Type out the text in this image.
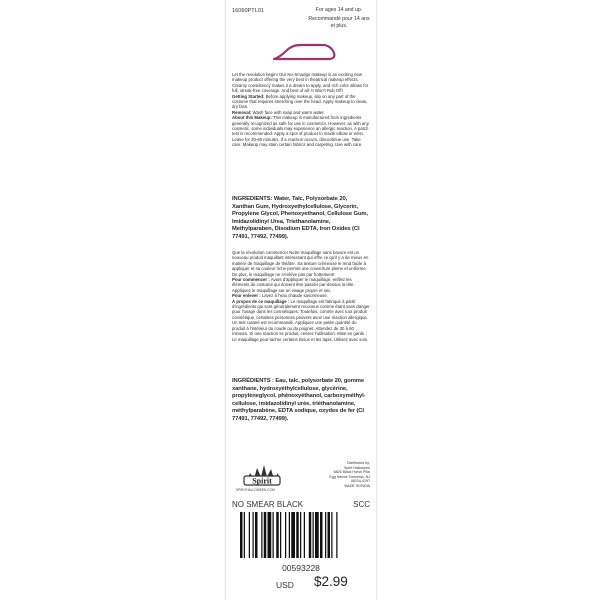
16060PTL01	For ages 14 and up.
Recommandé pour 14 ans et plus.
Let the revolution begin! Our No-Smudge makeup is an exciting new makeup product offering the very best in theatrical makeup effects. Creamy consistency makes it a dream to apply, and rich color allows for full, streak-free coverage. And best of all- It Won't Rub Off!
Getting Started: Before applying makeup, slip on any part of the costume that requires stretching over the head. Apply makeup to clean, dry face.
Removal: Wash face with soap and warm water.
About this Makeup: This makeup is manufactured from ingredients generally recognized as safe for use in cosmetics. However, as with any cosmetic, some individuals may experience an allergic reaction. A patch test is recommended. Apply a spot of product to inside elbow or wrist. Leave for 30-60 minutes. If a reaction occurs, discontinue use. Take care: Makeup may stain certain fabrics and carpeting. Use with care.
INGREDIENTS: Water, Talc, Polysorbate 20, Xanthan Gum, Hydroxyethylcellulose, Glycerin, Propylene Glycol, Phenoxyethanol, Cellulose Gum, Imidazolidinyl Urea, Triethanolamine, Methylparaben, Disodium EDTA, Iron Oxides (CI 77491, 77492, 77499).
Que la révolution commence! Notre maquillage sans bavure est un nouveau produit maquillant intéressant qui offre ce qu'il y a de mieux en matière de maquillage de théâtre. Sa texture crémeuse le rend facile à appliquer et sa couleur riche permet une couverture pleine et uniforme. De plus, le maquillage ne s'enlève pas par frottement!
Pour commencer : Avant d'appliquer le maquillage, enfilez les éléments du costume qui doivent être passés par-dessus la tête. Appliquez le maquillage sur un visage propre et sec.
Pour enlever : Lavez à l'eau chaude savonneuse.
À propos de ce maquillage : Le maquillage est fabriqué à partir d'ingrédients qui sont généralement reconnus comme étant sans danger pour l'usage dans les cosmétiques. Toutefois, comme avec tout produit cosmétique, certaines personnes peuvent avoir une réaction allergique. Un test cutané est recommandé. Appliquez une petite quantité du produit à l'intérieur du coude ou du poignet. Attendez de 30 à 60 minutes. Si une réaction se produit, cessez l'utilisation. Mise en garde : Le maquillage peut tacher certains tissus et les tapis. Utilisez avec soin.
INGRÉDIENTS : Eau, talc, polysorbate 20, gomme xanthane, hydroxyéthylcellulose, glycérine, propylèneglycol, phénoxyéthanol, carboxyméthyl-cellulose, imidazolidinyl urée, triéthanolamine, méthylparabène, EDTA sodique, oxydes de fer (CI 77491, 77492, 77499).
Spirit
SPIRITHALLOWEEN.COM
Distributed by:
Spirit Halloween
6826 Black Horse Pike
Egg Harbor Township, NJ
08234-4197
MADE IN INDIA
NO SMEAR BLACK	SCC
00593228
USD $2.99
